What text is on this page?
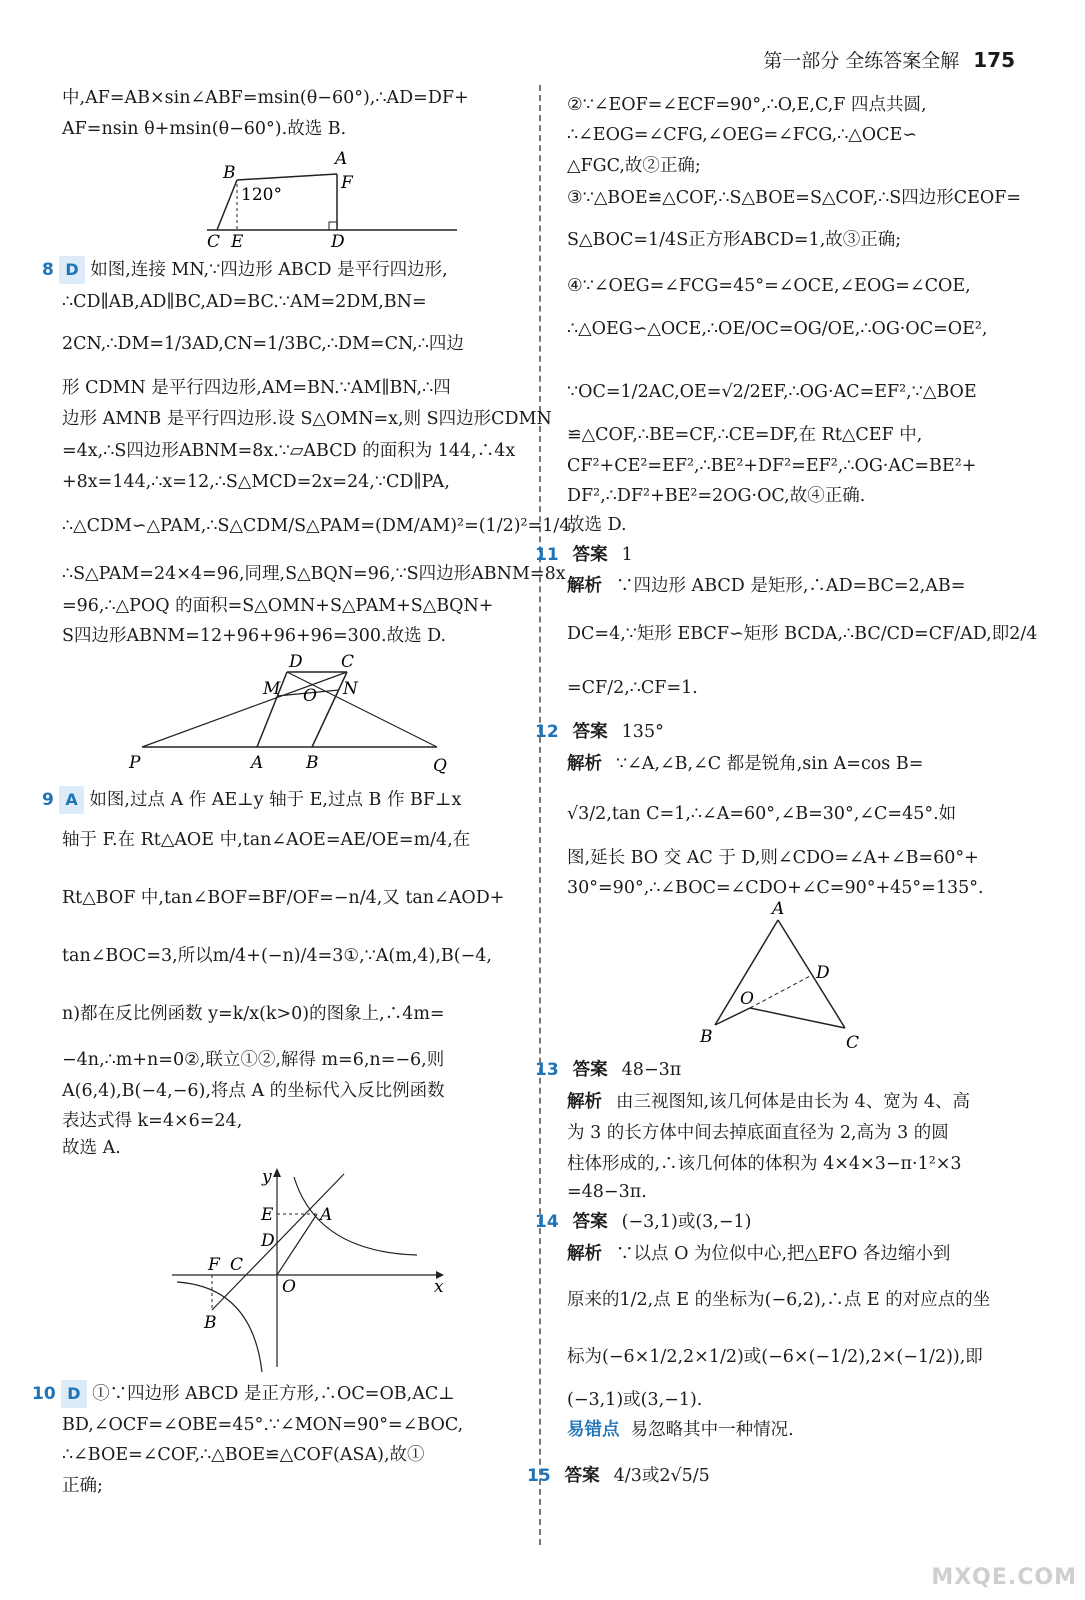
第一部分 全练答案全解 175
中,AF=AB×sin∠ABF=msin(θ−60°),∴AD=DF+
AF=nsin θ+msin(θ−60°).故选 B.
B
A
F
C E	D
120°
8 D 如图,连接 MN,∵四边形 ABCD 是平行四边形,
∴CD∥AB,AD∥BC,AD=BC.∵AM=2DM,BN=
2CN,∴DM=1/3AD,CN=1/3BC,∴DM=CN,∴四边
形 CDMN 是平行四边形,AM=BN.∵AM∥BN,∴四
边形 AMNB 是平行四边形.设 S△OMN=x,则 S四边形CDMN
=4x,∴S四边形ABNM=8x.∵▱ABCD 的面积为 144,∴4x
+8x=144,∴x=12,∴S△MCD=2x=24,∵CD∥PA,
∴△CDM∽△PAM,∴S△CDM/S△PAM=(DM/AM)²=(1/2)²=1/4,
∴S△PAM=24×4=96,同理,S△BQN=96,∵S四边形ABNM=8x
=96,∴△POQ 的面积=S△OMN+S△PAM+S△BQN+
S四边形ABNM=12+96+96+96=300.故选 D.
D C
M O N
P	A	B	Q
9 A 如图,过点 A 作 AE⊥y 轴于 E,过点 B 作 BF⊥x
轴于 F.在 Rt△AOE 中,tan∠AOE=AE/OE=m/4,在
Rt△BOF 中,tan∠BOF=BF/OF=−n/4,又 tan∠AOD+
tan∠BOC=3,所以m/4+(−n)/4=3①,∵A(m,4),B(−4,
n)都在反比例函数 y=k/x(k>0)的图象上,∴4m=
−4n,∴m+n=0②,联立①②,解得 m=6,n=−6,则
A(6,4),B(−4,−6),将点 A 的坐标代入反比例函数
表达式得 k=4×6=24,
故选 A.
y
E	A
D
F C
O	x
B
10 D ①∵四边形 ABCD 是正方形,∴OC=OB,AC⊥
BD,∠OCF=∠OBE=45°.∵∠MON=90°=∠BOC,
∴∠BOE=∠COF,∴△BOE≌△COF(ASA),故①
正确;
②∵∠EOF=∠ECF=90°,∴O,E,C,F 四点共圆,
∴∠EOG=∠CFG,∠OEG=∠FCG,∴△OCE∽
△FGC,故②正确;
③∵△BOE≌△COF,∴S△BOE=S△COF,∴S四边形CEOF=
S△BOC=1/4S正方形ABCD=1,故③正确;
④∵∠OEG=∠FCG=45°=∠OCE,∠EOG=∠COE,
∴△OEG∽△OCE,∴OE/OC=OG/OE,∴OG·OC=OE²,
∵OC=1/2AC,OE=√2/2EF,∴OG·AC=EF²,∵△BOE
≌△COF,∴BE=CF,∴CE=DF,在 Rt△CEF 中,
CF²+CE²=EF²,∴BE²+DF²=EF²,∴OG·AC=BE²+
DF²,∴DF²+BE²=2OG·OC,故④正确.
故选 D.
11 答案 1
解析 ∵四边形 ABCD 是矩形,∴AD=BC=2,AB=
DC=4,∵矩形 EBCF∽矩形 BCDA,∴BC/CD=CF/AD,即2/4
=CF/2,∴CF=1.
12 答案 135°
解析 ∵∠A,∠B,∠C 都是锐角,sin A=cos B=
√3/2,tan C=1,∴∠A=60°,∠B=30°,∠C=45°.如
图,延长 BO 交 AC 于 D,则∠CDO=∠A+∠B=60°+
30°=90°,∴∠BOC=∠CDO+∠C=90°+45°=135°.
A
D
O
B	C
13 答案 48−3π
解析 由三视图知,该几何体是由长为 4、宽为 4、高
为 3 的长方体中间去掉底面直径为 2,高为 3 的圆
柱体形成的,∴该几何体的体积为 4×4×3−π·1²×3
=48−3π.
14 答案 (−3,1)或(3,−1)
解析 ∵以点 O 为位似中心,把△EFO 各边缩小到
原来的1/2,点 E 的坐标为(−6,2),∴点 E 的对应点的坐
标为(−6×1/2,2×1/2)或(−6×(−1/2),2×(−1/2)),即
(−3,1)或(3,−1).
易错点 易忽略其中一种情况.
15 答案 4/3或2√5/5
MXQE.COM
